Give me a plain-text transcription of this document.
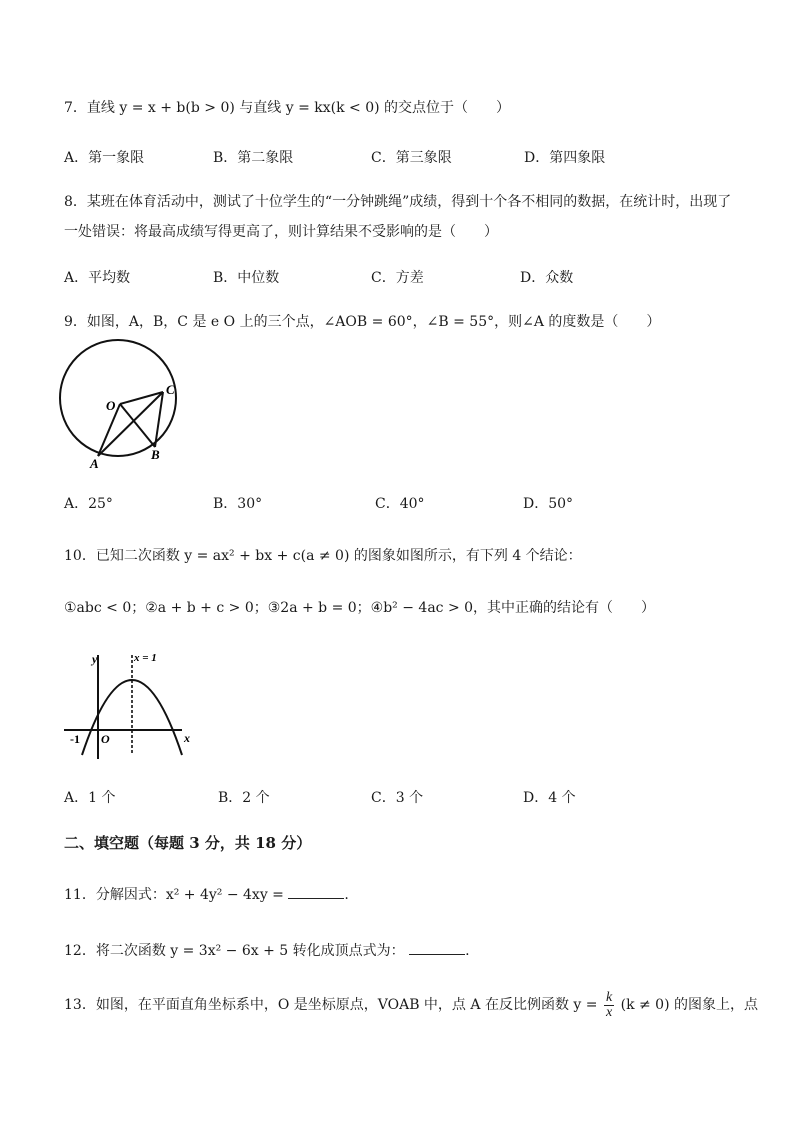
7．直线 y = x + b(b > 0) 与直线 y = kx(k < 0) 的交点位于（　　）
A．第一象限	B．第二象限	C．第三象限	D．第四象限
8．某班在体育活动中，测试了十位学生的“一分钟跳绳”成绩，得到十个各不相同的数据，在统计时，出现了
一处错误：将最高成绩写得更高了，则计算结果不受影响的是（　　）
A．平均数	B．中位数	C．方差	D．众数
9．如图，A，B，C 是 e O 上的三个点，∠AOB = 60°，∠B = 55°，则∠A 的度数是（　　）
O
C
A
B
A．25°	B．30°	C．40°	D．50°
10．已知二次函数 y = ax² + bx + c(a ≠ 0) 的图象如图所示，有下列 4 个结论：
①abc < 0；②a + b + c > 0；③2a + b = 0；④b² − 4ac > 0，其中正确的结论有（　　）
y
x
x = 1
-1 O
A．1 个	B．2 个	C．3 个	D．4 个
二、填空题（每题 3 分，共 18 分）
11．分解因式：x² + 4y² − 4xy =	.
12．将二次函数 y = 3x² − 6x + 5 转化成顶点式为：	.
13．如图，在平面直角坐标系中，O 是坐标原点，VOAB 中，点 A 在反比例函数 $y = \frac{k}{x} (k \ne 0)$ 的图象上，点
